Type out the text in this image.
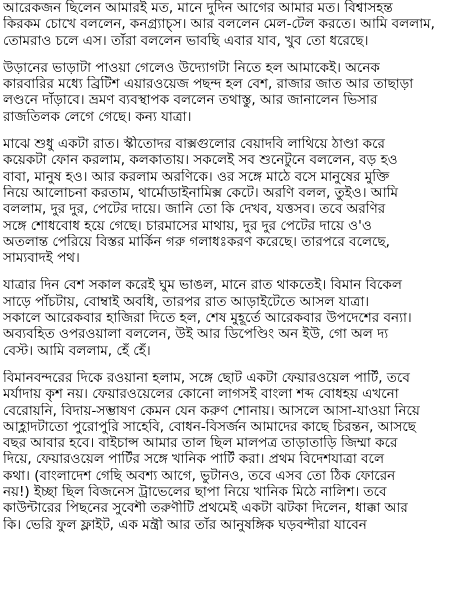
আরেকজন ছিলেন আমারই মত, মানে দুদিন আগের আমার মত। বিশ্বাসহন্ত
কিরকম চোখে বললেন, কনগ্র্যাচ্স। আর বললেন মেল-টেল করতে। আমি বললাম,
তোমরাও চলে এস। তাঁরা বললেন ভাবছি এবার যাব, খুব তো ধরেছে।
উড়ানের ভাড়াটা পাওয়া গেলেও উদ্যোগটা নিতে হল আমাকেই। অনেক
কারবারির মধ্যে ব্রিটিশ এয়ারওয়েজ পছন্দ হল বেশ, রাজার জাত আর তাছাড়া
লণ্ডনে দাঁড়াবে। ভ্রমণ ব্যবস্থাপক বললেন তথাস্তু, আর জানালেন ভিসার
রাজতিলক লেগে গেছে। কন্য যাত্রা।
মাঝে শুধু একটা রাত। স্কীতোদর বাক্সগুলোর বেয়াদবি লাথিয়ে ঠাণ্ডা করে
কয়েকটা ফোন করলাম, কলকাতায়। সকলেই সব শুনেটুনে বললেন, বড় হও
বাবা, মানুষ হও। আর করলাম অরণিকে। ওর সঙ্গে মাঠে বসে মানুষের মুক্তি
নিয়ে আলোচনা করতাম, থার্মোডাইনামিক্স কেটে। অরণি বলল, তুইও। আমি
বললাম, দুর দুর, পেটের দায়ে। জানি তো কি দেখব, যত্তসব। তবে অরণির
সঙ্গে শোধবোধ হয়ে গেছে। চারমাসের মাথায়, দুর দুর পেটের দায়ে ও'ও
অতলান্ত পেরিয়ে বিস্তর মার্কিন গরু গলাধঃকরণ করেছে। তারপরে বলেছে,
সাম্যবাদই পথ।
যাত্রার দিন বেশ সকাল করেই ঘুম ভাঙল, মানে রাত থাকতেই। বিমান বিকেল
সাড়ে পাঁচটায়, বোম্বাই অবধি, তারপর রাত আড়াইটেতে আসল যাত্রা।
সকালে আরেকবার হাজিরা দিতে হল, শেষ মুহূর্তে আরেকবার উপদেশের বন্যা।
অব্যবহিত ওপরওয়ালা বললেন, উই আর ডিপেণ্ডিং অন ইউ, গো অল দ্য
বেস্ট। আমি বললাম, হেঁ হেঁ।
বিমানবন্দরের দিকে রওয়ানা হলাম, সঙ্গে ছোট একটা ফেয়ারওয়েল পার্টি, তবে
মর্যাদায় কৃশ নয়। ফেয়ারওয়েলের কোনো লাগসই বাংলা শব্দ বোধহয় এখনো
বেরোয়নি, বিদায়-সম্ভাষণ কেমন যেন করুণ শোনায়। আসলে আসা-যাওয়া নিয়ে
আহ্লাদটাতো পুরোপুরি সাহেবি, বোধন-বিসর্জন আমাদের কাছে চিরন্তন, আসছে
বছর আবার হবে। বাইচান্স আমার তাল ছিল মালপত্র তাড়াতাড়ি জিম্মা করে
দিয়ে, ফেয়ারওয়েল পার্টির সঙ্গে খানিক পার্টি করা। প্রথম বিদেশযাত্রা বলে
কথা। (বাংলাদেশ গেছি অবশ্য আগে, ভুটানও, তবে এসব তো ঠিক ফোরেন
নয়!) ইচ্ছা ছিল বিজনেস ট্রাভেলের ছাপা নিয়ে খানিক মিঠে নালিশ। তবে
কাউন্টারের পিছনের সুবেশী তরুণীটি প্রথমেই একটা ঝটকা দিলেন, ধাক্কা আর
কি। ভেরি ফুল ফ্লাইট, এক মন্ত্রী আর তাঁর আনুষঙ্গিক ঘড়বন্দীরা যাবেন
